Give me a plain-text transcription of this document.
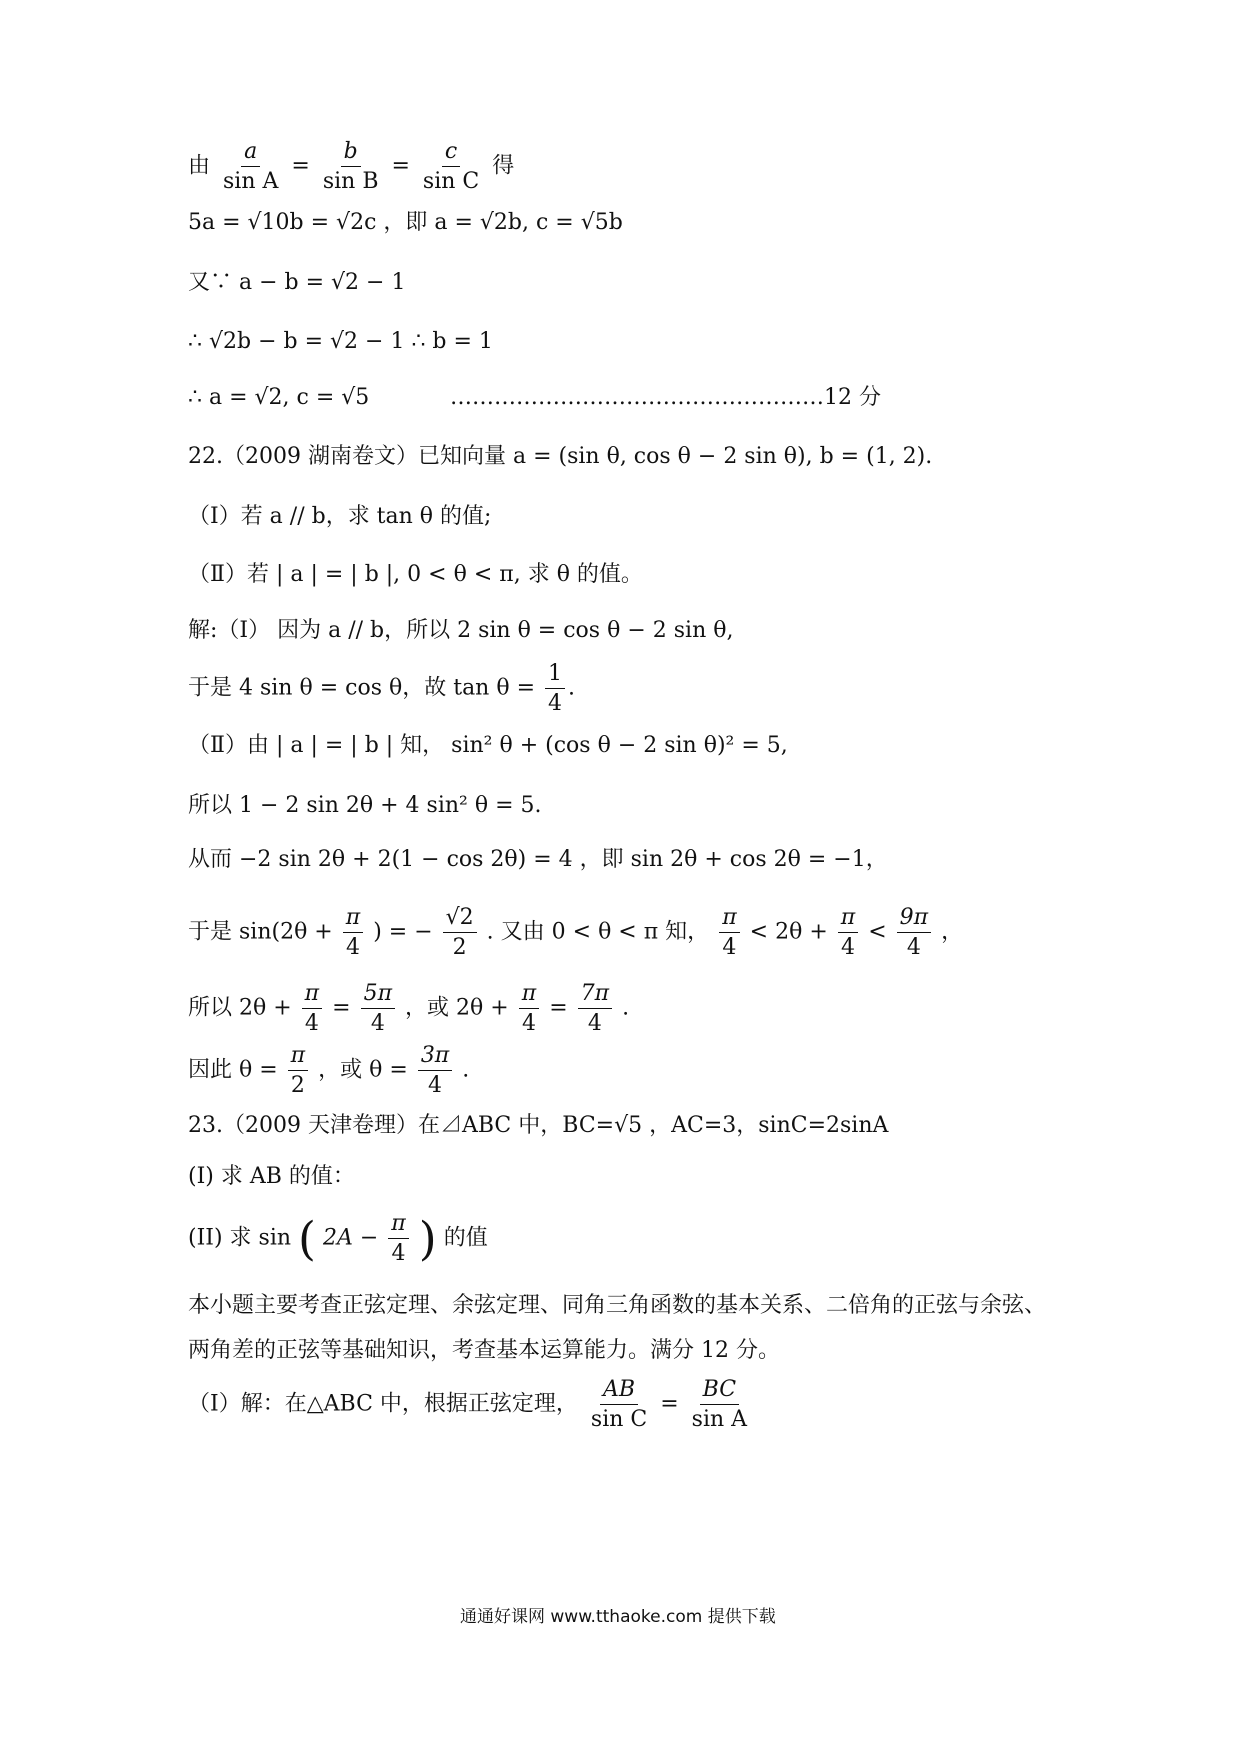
由 $\frac{a}{\text{sin A}} = \frac{b}{\text{sin B}} = \frac{c}{\text{sin C}}$ 得
5a = √10b = √2c ，即 a = √2b, c = √5b
又∵ a − b = √2 − 1
∴ √2b − b = √2 − 1 ∴ b = 1
∴ a = √2, c = √5	……………………………………………12 分
22.（2009 湖南卷文）已知向量 a = (sin θ, cos θ − 2 sin θ), b = (1, 2).
（Ⅰ）若 a // b，求 tan θ 的值;
（Ⅱ）若 | a | = | b |, 0 < θ < π, 求 θ 的值。
解:（Ⅰ） 因为 a // b，所以 2 sin θ = cos θ − 2 sin θ,
于是 4 sin θ = cos θ，故 $\tan \theta = \frac{1}{4}$ .
（Ⅱ）由 | a | = | b | 知， sin² θ + (cos θ − 2 sin θ)² = 5,
所以 1 − 2 sin 2θ + 4 sin² θ = 5.
从而 −2 sin 2θ + 2(1 − cos 2θ) = 4 ，即 sin 2θ + cos 2θ = −1，
于是 $\sin(2\theta + \frac{\pi}{4}$ ) = − $\frac{√2}{2}$ . 又由 0 < θ < π 知， $\frac{\pi}{4} < 2\theta + \frac{\pi}{4} < \frac{9\pi}{4}$ ，
所以 $2\theta + \frac{\pi}{4} = \frac{5\pi}{4}$ ，或 $2\theta + \frac{\pi}{4} = \frac{7\pi}{4}$ .
因此 $\theta = \frac{\pi}{2}$ ，或 $\theta = \frac{3\pi}{4}$ .
23.（2009 天津卷理）在⊿ABC 中，BC=√5 ，AC=3，sinC=2sinA
(I) 求 AB 的值：
(II) 求 sin ( $2A - \frac{\pi}{4}$ ) 的值
本小题主要考查正弦定理、余弦定理、同角三角函数的基本关系、二倍角的正弦与余弦、
两角差的正弦等基础知识，考查基本运算能力。满分 12 分。
（Ⅰ）解：在△ABC 中，根据正弦定理， $\frac{AB}{\text{sin C}} = \frac{BC}{\text{sin A}}$
通通好课网 www.tthaoke.com 提供下载
